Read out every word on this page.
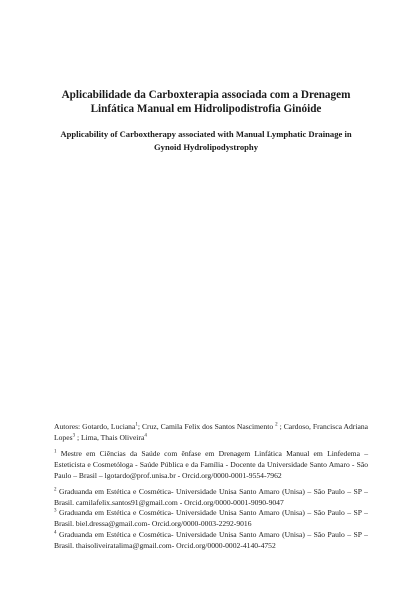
Aplicabilidade da Carboxterapia associada com a Drenagem
Linfática Manual em Hidrolipodistrofia Ginóide
Applicability of Carboxtherapy associated with Manual Lymphatic Drainage in
Gynoid Hydrolipodystrophy
Autores: Gotardo, Luciana$^1$; Cruz, Camila Felix dos Santos Nascimento $^2$ ; Cardoso, Francisca Adriana Lopes$^3$ ; Lima, Thais Oliveira$^4$
$^1$ Mestre em Ciências da Saúde com ênfase em Drenagem Linfática Manual em Linfedema – Esteticista e Cosmetóloga - Saúde Pública e da Família - Docente da Universidade Santo Amaro - São Paulo – Brasil – lgotardo@prof.unisa.br - Orcid.org/0000-0001-9554-7962
$^2$ Graduanda em Estética e Cosmética- Universidade Unisa Santo Amaro (Unisa) – São Paulo – SP – Brasil. camilafelix.santos91@gmail.com - Orcid.org/0000-0001-9090-9047
$^3$ Graduanda em Estética e Cosmética- Universidade Unisa Santo Amaro (Unisa) – São Paulo – SP – Brasil. biel.dressa@gmail.com- Orcid.org/0000-0003-2292-9016
$^4$ Graduanda em Estética e Cosmética- Universidade Unisa Santo Amaro (Unisa) – São Paulo – SP – Brasil. thaisoliveiratalima@gmail.com- Orcid.org/0000-0002-4140-4752
